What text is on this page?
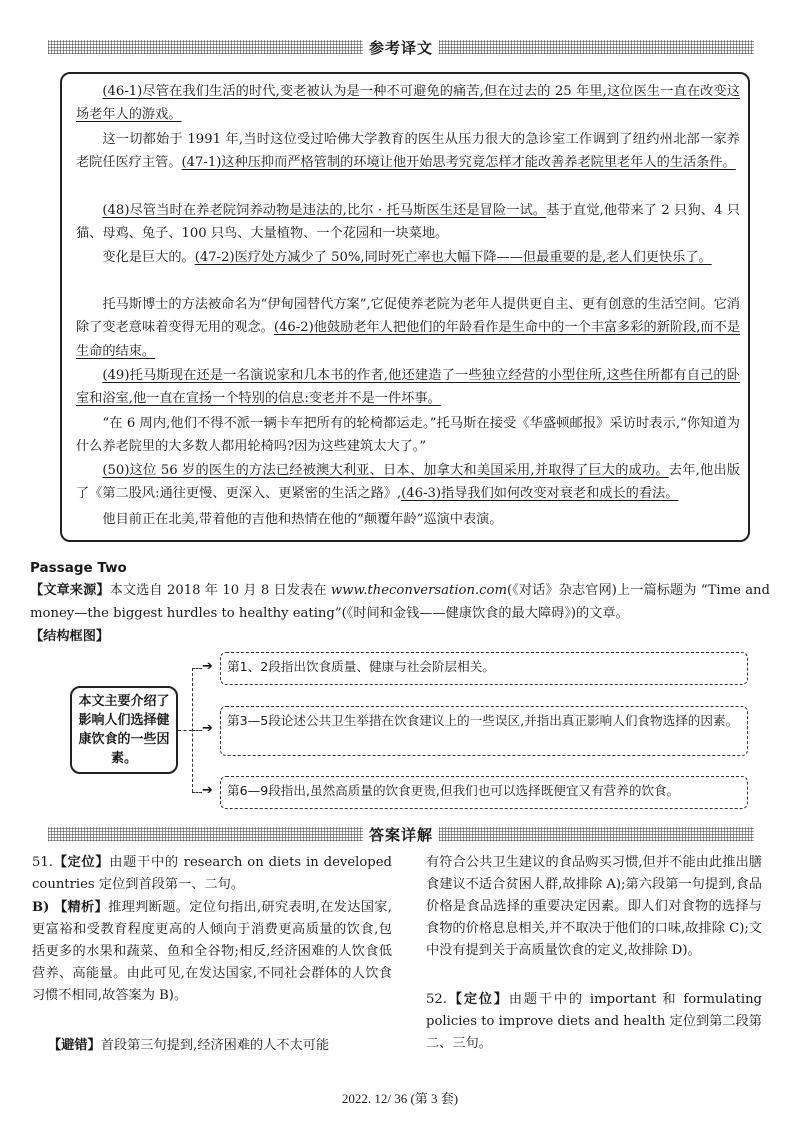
参考译文
(46-1)尽管在我们生活的时代,变老被认为是一种不可避免的痛苦,但在过去的 25 年里,这位医生一直在改变这场老年人的游戏。
这一切都始于 1991 年,当时这位受过哈佛大学教育的医生从压力很大的急诊室工作调到了纽约州北部一家养老院任医疗主管。(47-1)这种压抑而严格管制的环境让他开始思考究竟怎样才能改善养老院里老年人的生活条件。
(48)尽管当时在养老院饲养动物是违法的,比尔 · 托马斯医生还是冒险一试。基于直觉,他带来了 2 只狗、4 只猫、母鸡、兔子、100 只鸟、大量植物、一个花园和一块菜地。
变化是巨大的。(47-2)医疗处方减少了 50%,同时死亡率也大幅下降——但最重要的是,老人们更快乐了。
托马斯博士的方法被命名为“伊甸园替代方案”,它促使养老院为老年人提供更自主、更有创意的生活空间。它消除了变老意味着变得无用的观念。(46-2)他鼓励老年人把他们的年龄看作是生命中的一个丰富多彩的新阶段,而不是生命的结束。
(49)托马斯现在还是一名演说家和几本书的作者,他还建造了一些独立经营的小型住所,这些住所都有自己的卧室和浴室,他一直在宣扬一个特别的信息:变老并不是一件坏事。
“在 6 周内,他们不得不派一辆卡车把所有的轮椅都运走。”托马斯在接受《华盛顿邮报》采访时表示,“你知道为什么养老院里的大多数人都用轮椅吗?因为这些建筑太大了。”
(50)这位 56 岁的医生的方法已经被澳大利亚、日本、加拿大和美国采用,并取得了巨大的成功。去年,他出版了《第二股风:通往更慢、更深入、更紧密的生活之路》,(46-3)指导我们如何改变对衰老和成长的看法。
他目前正在北美,带着他的吉他和热情在他的“颠覆年龄”巡演中表演。
Passage Two
【文章来源】本文选自 2018 年 10 月 8 日发表在 www.theconversation.com(《对话》杂志官网)上一篇标题为 “Time and money—the biggest hurdles to healthy eating”(《时间和金钱——健康饮食的最大障碍》)的文章。
【结构框图】
本文主要介绍了影响人们选择健康饮食的一些因素。
➔
➔
➔
第1、2段指出饮食质量、健康与社会阶层相关。
第3—5段论述公共卫生举措在饮食建议上的一些误区,并指出真正影响人们食物选择的因素。
第6—9段指出,虽然高质量的饮食更贵,但我们也可以选择既便宜又有营养的饮食。
答案详解
51.【定位】由题干中的 research on diets in developed countries 定位到首段第一、二句。
B) 【精析】推理判断题。定位句指出,研究表明,在发达国家,更富裕和受教育程度更高的人倾向于消费更高质量的饮食,包括更多的水果和蔬菜、鱼和全谷物;相反,经济困难的人饮食低营养、高能量。由此可见,在发达国家,不同社会群体的人饮食习惯不相同,故答案为 B)。
【避错】首段第三句提到,经济困难的人不太可能
有符合公共卫生建议的食品购买习惯,但并不能由此推出膳食建议不适合贫困人群,故排除 A);第六段第一句提到,食品价格是食品选择的重要决定因素。即人们对食物的选择与食物的价格息息相关,并不取决于他们的口味,故排除 C);文中没有提到关于高质量饮食的定义,故排除 D)。
52.【定位】由题干中的 important 和 formulating policies to improve diets and health 定位到第二段第二、三句。
2022. 12/ 36 (第 3 套)
